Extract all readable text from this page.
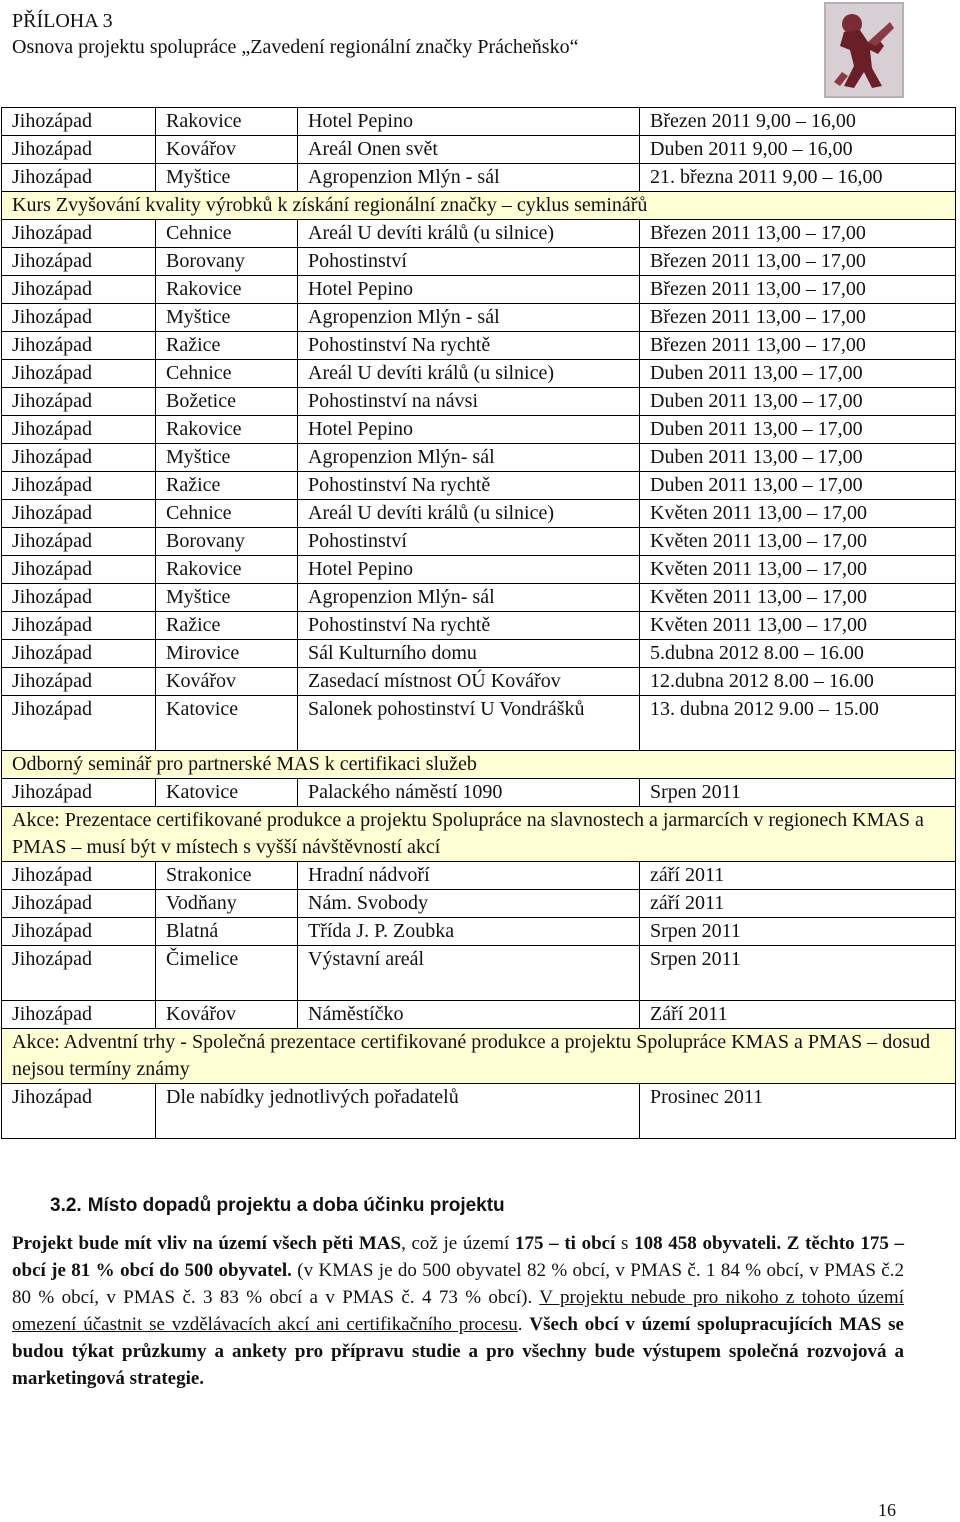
PŘÍLOHA 3
Osnova projektu spolupráce „Zavedení regionální značky Prácheňsko“
Jihozápad	Rakovice	Hotel Pepino	Březen 2011 9,00 – 16,00
Jihozápad	Kovářov	Areál Onen svět	Duben 2011 9,00 – 16,00
Jihozápad	Myštice	Agropenzion Mlýn - sál	21. března 2011 9,00 – 16,00
Kurs Zvyšování kvality výrobků k získání regionální značky – cyklus seminářů			
Jihozápad	Cehnice	Areál U devíti králů (u silnice)	Březen 2011 13,00 – 17,00
Jihozápad	Borovany	Pohostinství	Březen 2011 13,00 – 17,00
Jihozápad	Rakovice	Hotel Pepino	Březen 2011 13,00 – 17,00
Jihozápad	Myštice	Agropenzion Mlýn - sál	Březen 2011 13,00 – 17,00
Jihozápad	Ražice	Pohostinství Na rychtě	Březen 2011 13,00 – 17,00
Jihozápad	Cehnice	Areál U devíti králů (u silnice)	Duben 2011 13,00 – 17,00
Jihozápad	Božetice	Pohostinství na návsi	Duben 2011 13,00 – 17,00
Jihozápad	Rakovice	Hotel Pepino	Duben 2011 13,00 – 17,00
Jihozápad	Myštice	Agropenzion Mlýn- sál	Duben 2011 13,00 – 17,00
Jihozápad	Ražice	Pohostinství Na rychtě	Duben 2011 13,00 – 17,00
Jihozápad	Cehnice	Areál U devíti králů (u silnice)	Květen 2011 13,00 – 17,00
Jihozápad	Borovany	Pohostinství	Květen 2011 13,00 – 17,00
Jihozápad	Rakovice	Hotel Pepino	Květen 2011 13,00 – 17,00
Jihozápad	Myštice	Agropenzion Mlýn- sál	Květen 2011 13,00 – 17,00
Jihozápad	Ražice	Pohostinství Na rychtě	Květen 2011 13,00 – 17,00
Jihozápad	Mirovice	Sál Kulturního domu	5.dubna 2012 8.00 – 16.00
Jihozápad	Kovářov	Zasedací místnost OÚ Kovářov	12.dubna 2012 8.00 – 16.00
Jihozápad	Katovice	Salonek pohostinství U Vondrášků	13. dubna 2012 9.00 – 15.00
Odborný seminář pro partnerské MAS k certifikaci služeb			
Jihozápad	Katovice	Palackého náměstí 1090	Srpen 2011
Akce: Prezentace certifikované produkce a projektu Spolupráce na slavnostech a jarmarcích v regionech KMAS a PMAS – musí být v místech s vyšší návštěvností akcí			
Jihozápad	Strakonice	Hradní nádvoří	září 2011
Jihozápad	Vodňany	Nám. Svobody	září 2011
Jihozápad	Blatná	Třída J. P. Zoubka	Srpen 2011
Jihozápad	Čimelice	Výstavní areál	Srpen 2011
Jihozápad	Kovářov	Náměstíčko	Září 2011
Akce: Adventní trhy - Společná prezentace certifikované produkce a projektu Spolupráce KMAS a PMAS – dosud nejsou termíny známy			
Jihozápad	Dle nabídky jednotlivých pořadatelů		Prosinec 2011
3.2. Místo dopadů projektu a doba účinku projektu
Projekt bude mít vliv na území všech pěti MAS, což je území 175 – ti obcí s 108 458 obyvateli. Z těchto 175 –obcí je 81 % obcí do 500 obyvatel. (v KMAS je do 500 obyvatel 82 % obcí, v PMAS č. 1 84 % obcí, v PMAS č.2 80 % obcí, v PMAS č. 3 83 % obcí a v PMAS č. 4 73 % obcí). V projektu nebude pro nikoho z tohoto území omezení účastnit se vzdělávacích akcí ani certifikačního procesu. Všech obcí v území spolupracujících MAS se budou týkat průzkumy a ankety pro přípravu studie a pro všechny bude výstupem společná rozvojová a marketingová strategie.
16
